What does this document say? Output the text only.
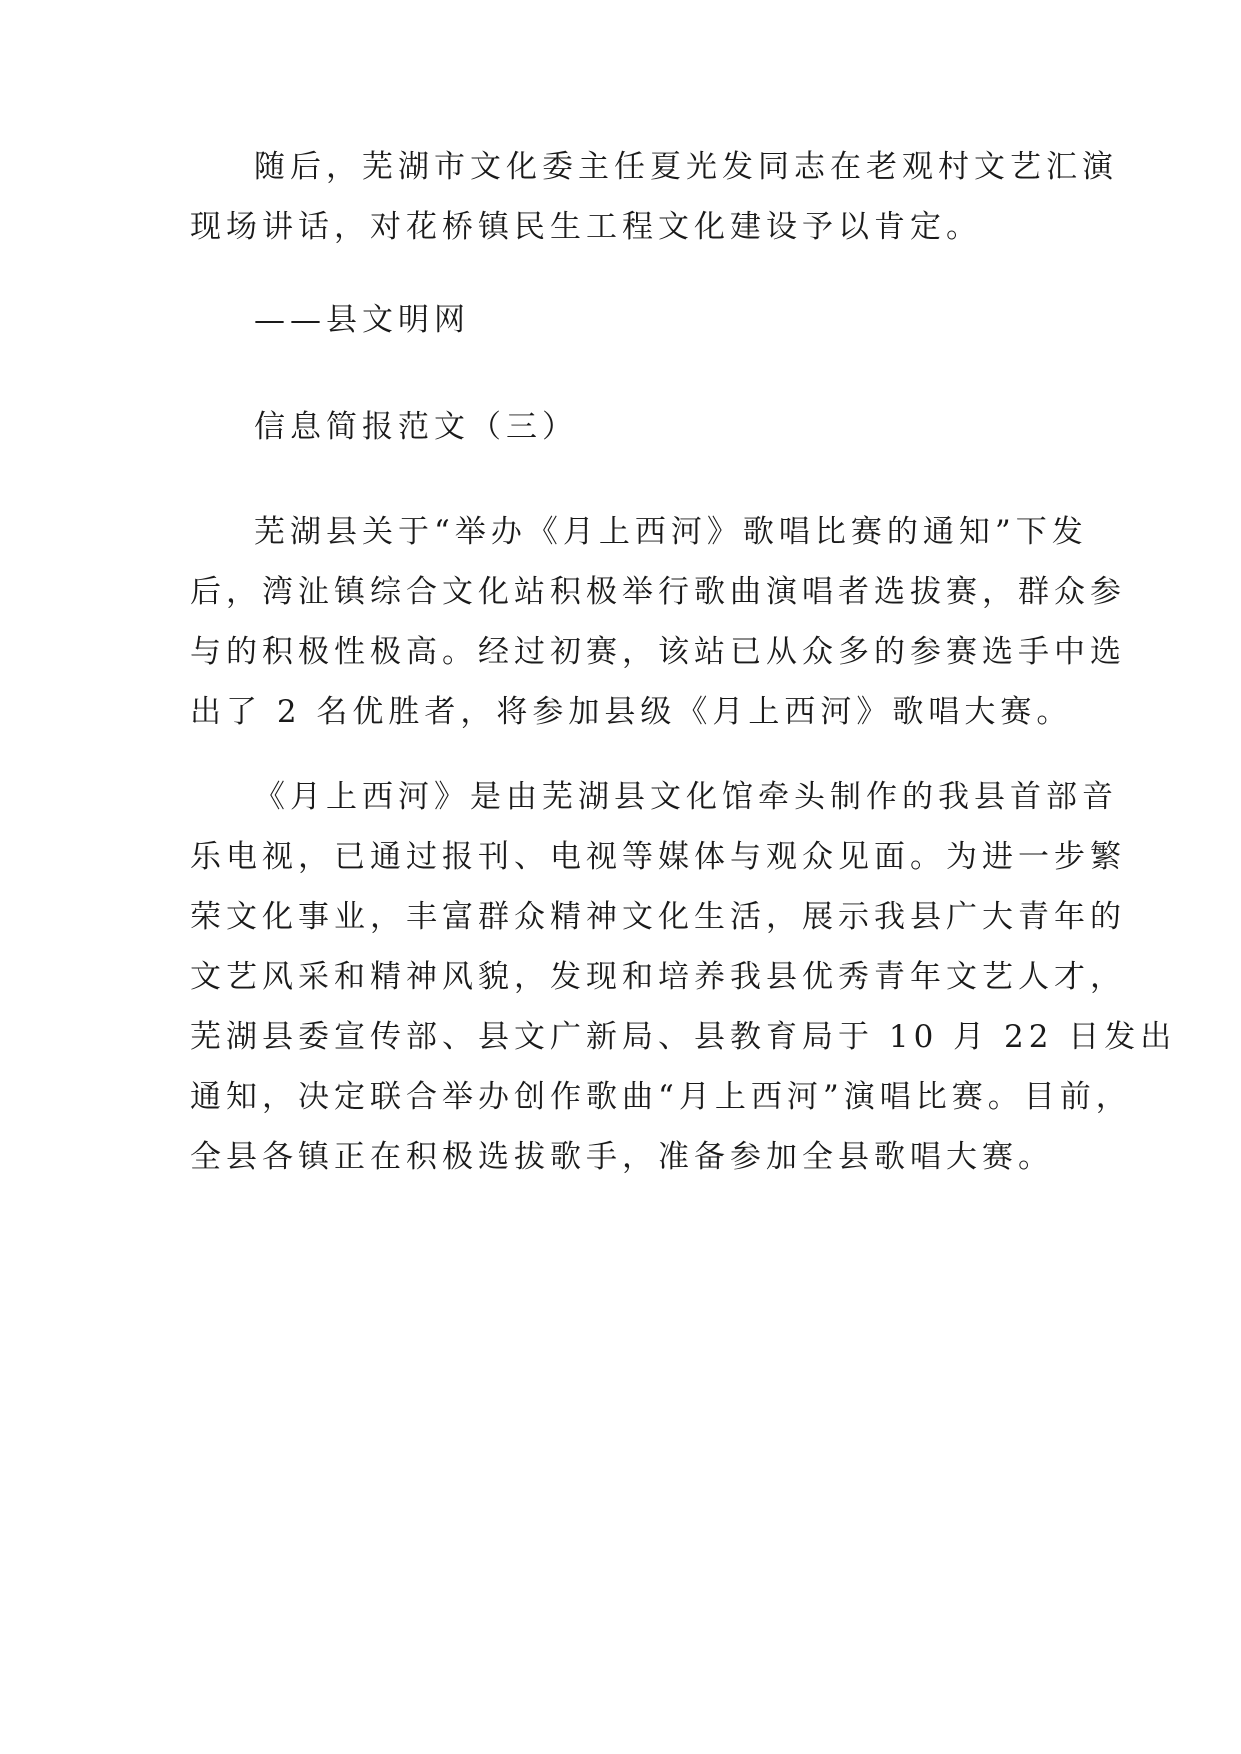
随后，芜湖市文化委主任夏光发同志在老观村文艺汇演
现场讲话，对花桥镇民生工程文化建设予以肯定。
——县文明网
信息简报范文（三）
芜湖县关于“举办《月上西河》歌唱比赛的通知”下发
后，湾沚镇综合文化站积极举行歌曲演唱者选拔赛，群众参
与的积极性极高。经过初赛，该站已从众多的参赛选手中选
出了 2 名优胜者，将参加县级《月上西河》歌唱大赛。
《月上西河》是由芜湖县文化馆牵头制作的我县首部音
乐电视，已通过报刊、电视等媒体与观众见面。为进一步繁
荣文化事业，丰富群众精神文化生活，展示我县广大青年的
文艺风采和精神风貌，发现和培养我县优秀青年文艺人才，
芜湖县委宣传部、县文广新局、县教育局于 10 月 22 日发出
通知，决定联合举办创作歌曲“月上西河”演唱比赛。目前，
全县各镇正在积极选拔歌手，准备参加全县歌唱大赛。
